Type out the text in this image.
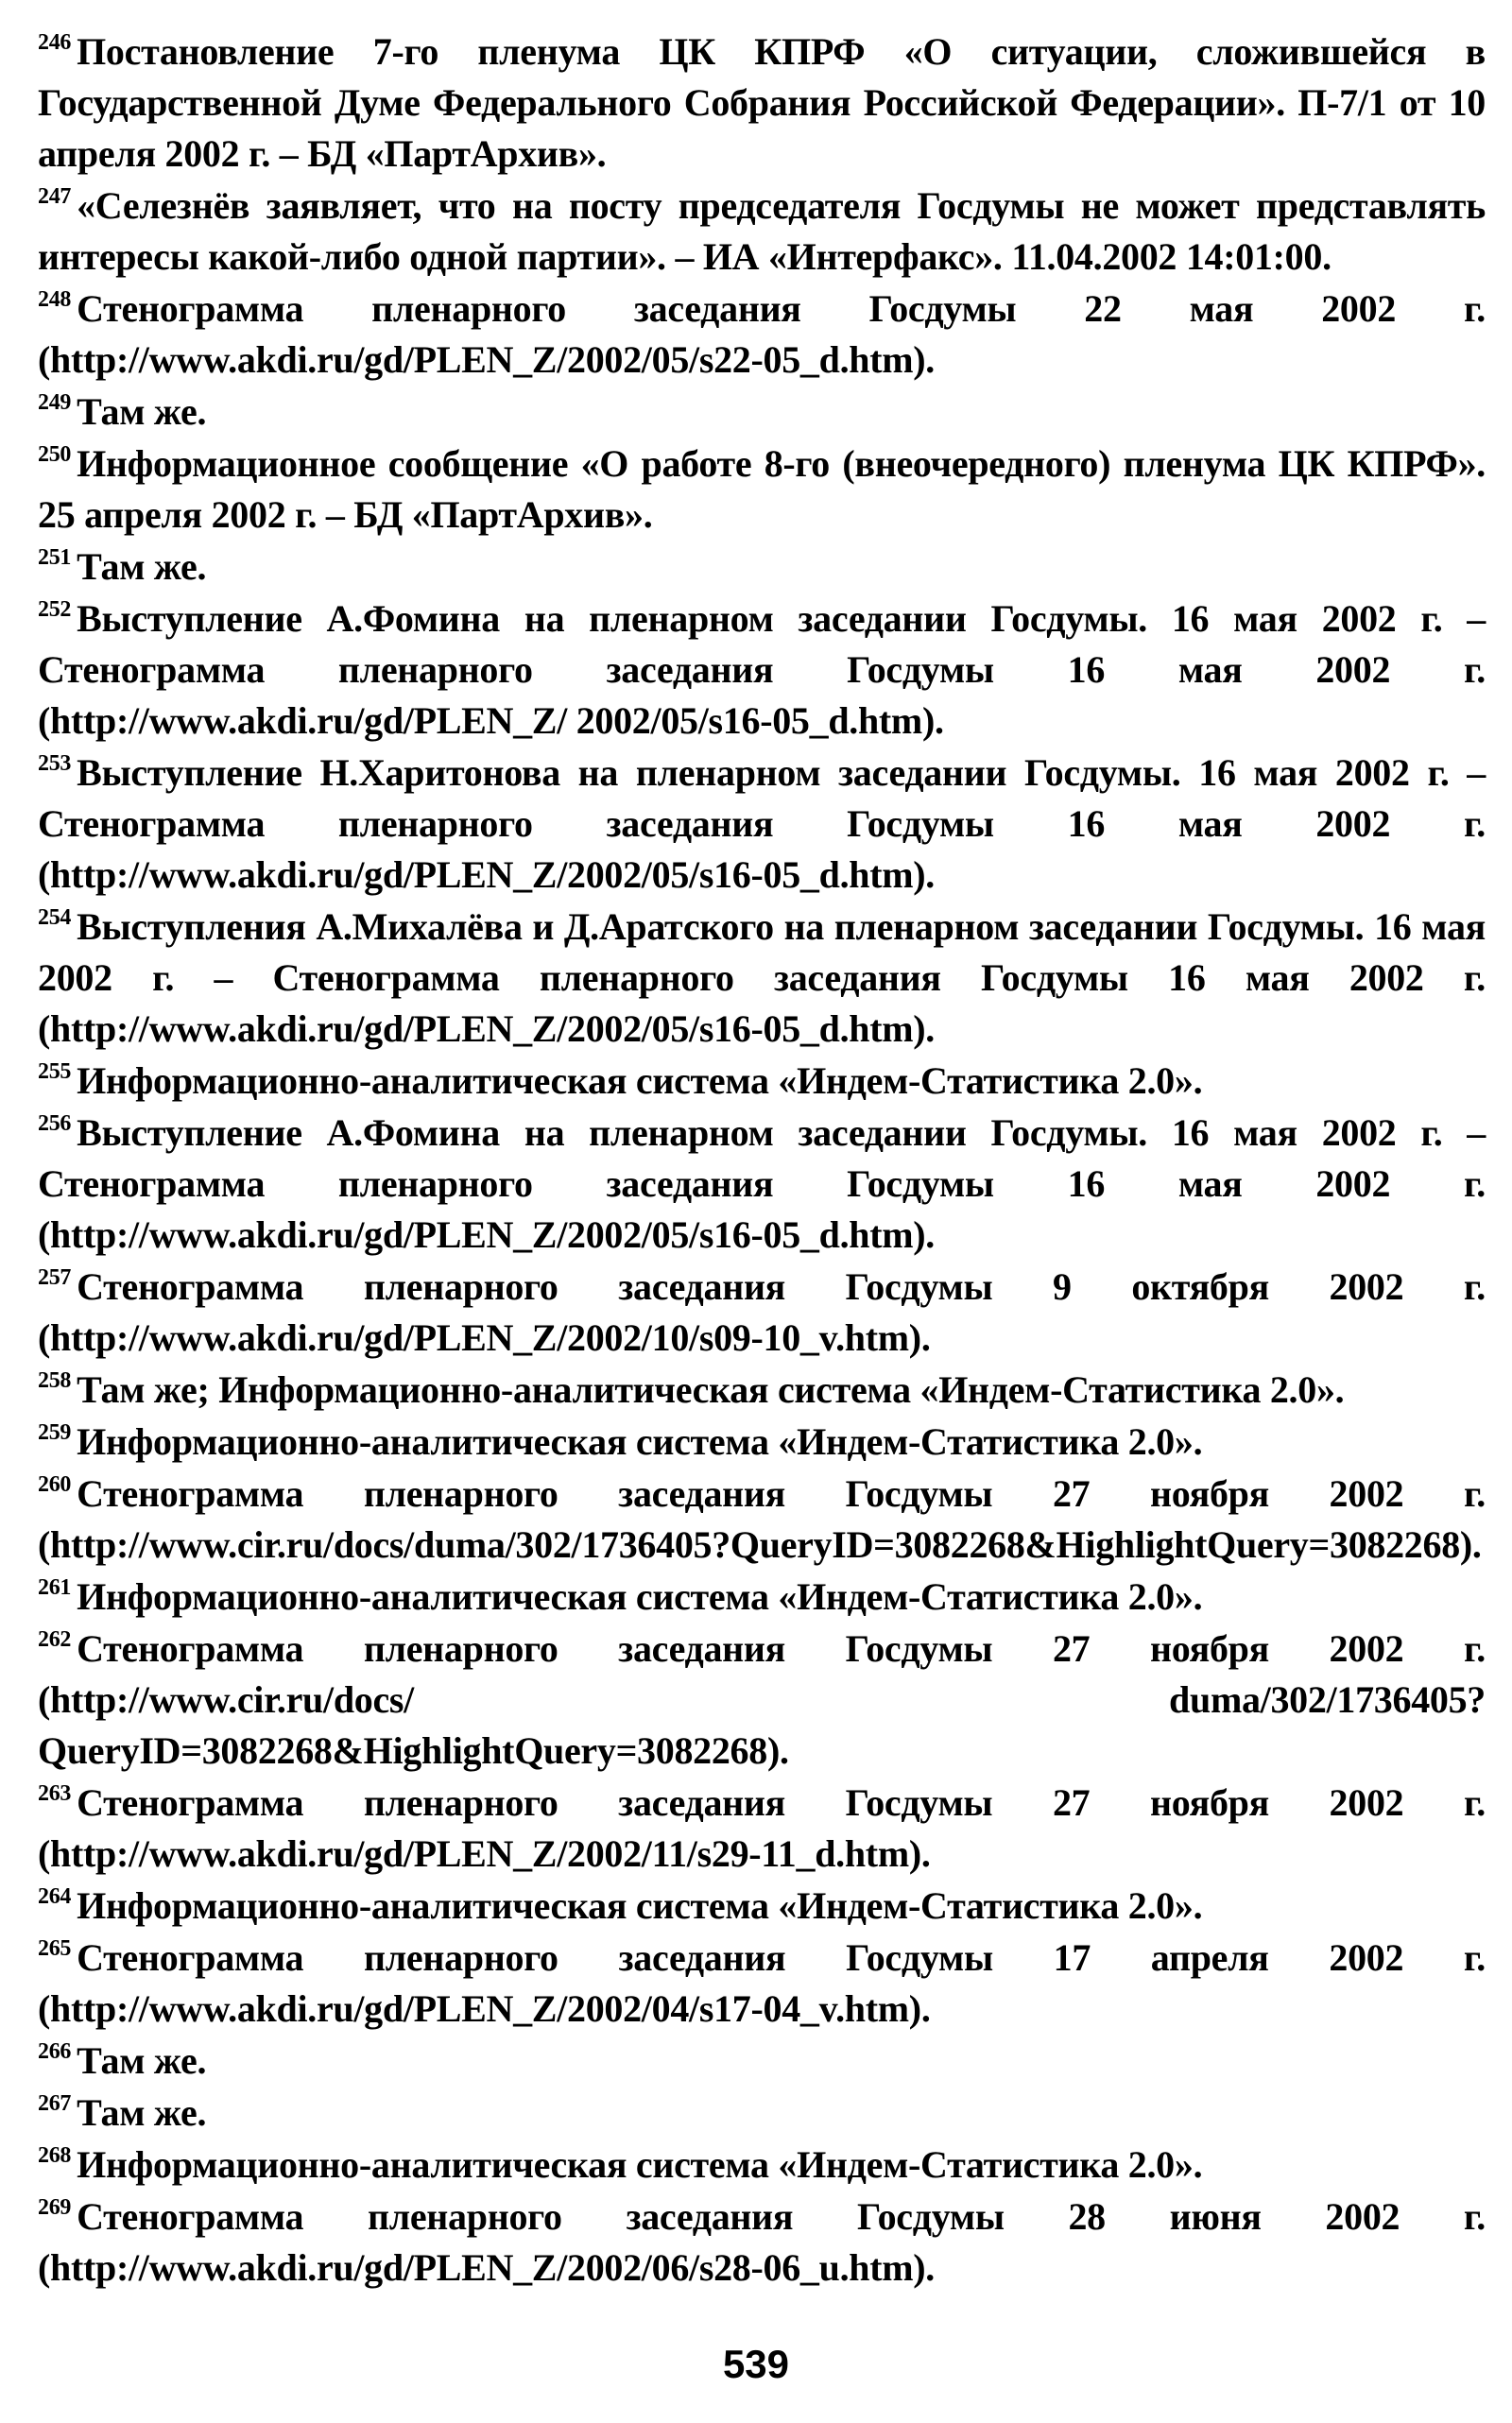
$^{246}$ Постановление 7-го пленума ЦК КПРФ «О ситуации, сложившейся в Государственной Думе Федерального Собрания Российской Федерации». П-7/1 от 10 апреля 2002 г. – БД «ПартАрхив».

$^{247}$ «Селезнёв заявляет, что на посту председателя Госдумы не может представлять интересы какой-либо одной партии». – ИА «Интерфакс». 11.04.2002 14:01:00.

$^{248}$ Стенограмма пленарного заседания Госдумы 22 мая 2002 г. (http://www.akdi.ru/gd/PLEN_Z/2002/05/s22-05_d.htm).

$^{249}$ Там же.

$^{250}$ Информационное сообщение «О работе 8-го (внеочередного) пленума ЦК КПРФ». 25 апреля 2002 г. – БД «ПартАрхив».

$^{251}$ Там же.

$^{252}$ Выступление А.Фомина на пленарном заседании Госдумы. 16 мая 2002 г. – Стенограмма пленарного заседания Госдумы 16 мая 2002 г. (http://www.akdi.ru/gd/PLEN_Z/ 2002/05/s16-05_d.htm).

$^{253}$ Выступление Н.Харитонова на пленарном заседании Госдумы. 16 мая 2002 г. – Стенограмма пленарного заседания Госдумы 16 мая 2002 г. (http://www.akdi.ru/gd/PLEN_Z/2002/05/s16-05_d.htm).

$^{254}$ Выступления А.Михалёва и Д.Аратского на пленарном заседании Госдумы. 16 мая 2002 г. – Стенограмма пленарного заседания Госдумы 16 мая 2002 г. (http://www.akdi.ru/gd/PLEN_Z/2002/05/s16-05_d.htm).

$^{255}$ Информационно-аналитическая система «Индем-Статистика 2.0».

$^{256}$ Выступление А.Фомина на пленарном заседании Госдумы. 16 мая 2002 г. – Стенограмма пленарного заседания Госдумы 16 мая 2002 г. (http://www.akdi.ru/gd/PLEN_Z/2002/05/s16-05_d.htm).

$^{257}$ Стенограмма пленарного заседания Госдумы 9 октября 2002 г. (http://www.akdi.ru/gd/PLEN_Z/2002/10/s09-10_v.htm).

$^{258}$ Там же; Информационно-аналитическая система «Индем-Статистика 2.0».

$^{259}$ Информационно-аналитическая система «Индем-Статистика 2.0».

$^{260}$ Стенограмма пленарного заседания Госдумы 27 ноября 2002 г. (http://www.cir.ru/docs/duma/302/1736405?QueryID=3082268&HighlightQuery=3082268).

$^{261}$ Информационно-аналитическая система «Индем-Статистика 2.0».

$^{262}$ Стенограмма пленарного заседания Госдумы 27 ноября 2002 г. (http://www.cir.ru/docs/ duma/302/1736405?QueryID=3082268&HighlightQuery=3082268).

$^{263}$ Стенограмма пленарного заседания Госдумы 27 ноября 2002 г. (http://www.akdi.ru/gd/PLEN_Z/2002/11/s29-11_d.htm).

$^{264}$ Информационно-аналитическая система «Индем-Статистика 2.0».

$^{265}$ Стенограмма пленарного заседания Госдумы 17 апреля 2002 г. (http://www.akdi.ru/gd/PLEN_Z/2002/04/s17-04_v.htm).

$^{266}$ Там же.

$^{267}$ Там же.

$^{268}$ Информационно-аналитическая система «Индем-Статистика 2.0».

$^{269}$ Стенограмма пленарного заседания Госдумы 28 июня 2002 г. (http://www.akdi.ru/gd/PLEN_Z/2002/06/s28-06_u.htm).

539
